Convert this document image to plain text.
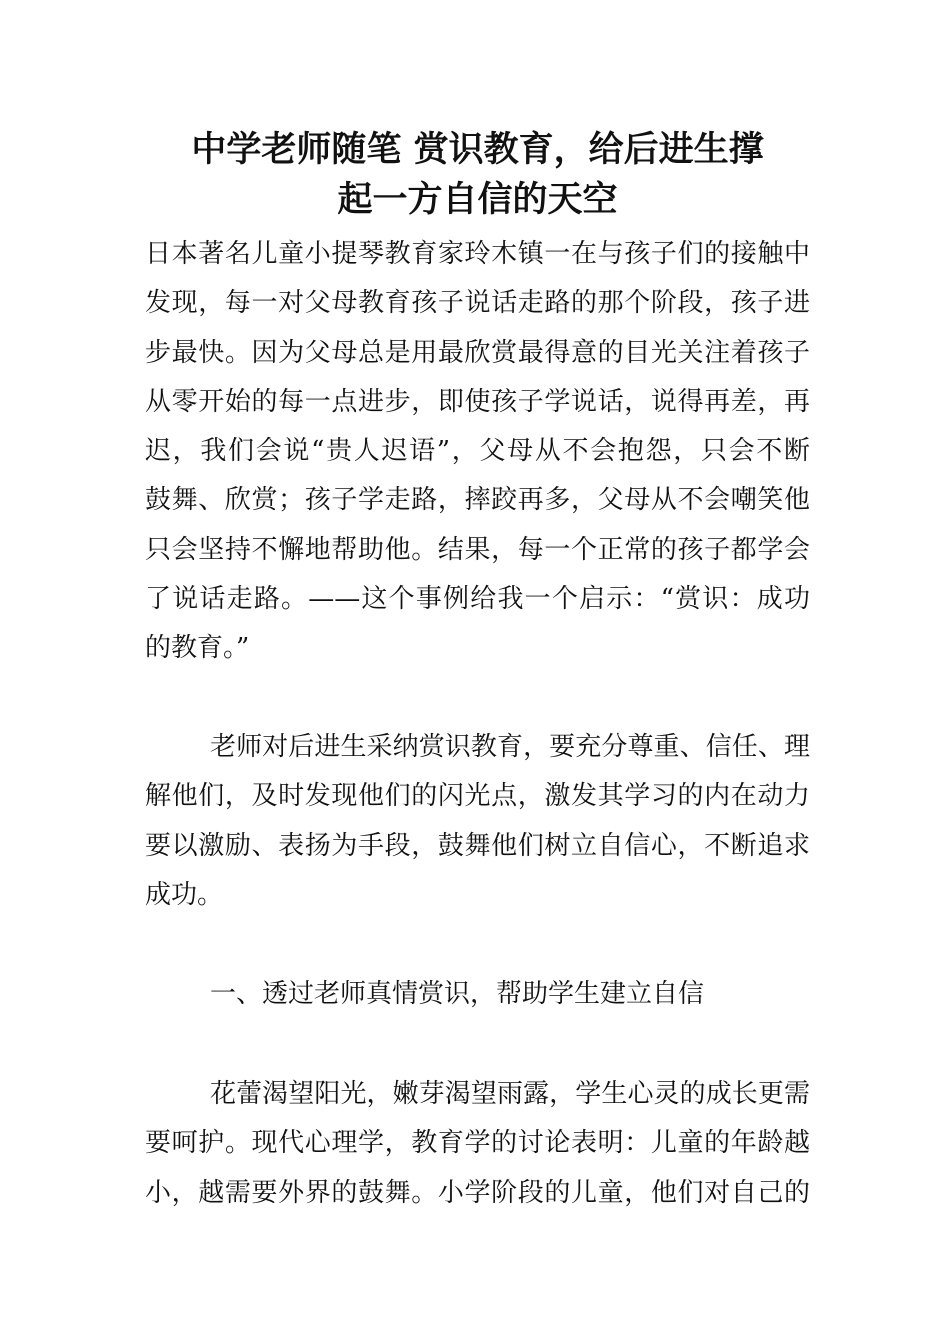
中学老师随笔 赏识教育，给后进生撑
起一方自信的天空
日本著名儿童小提琴教育家玲木镇一在与孩子们的接触中
发现，每一对父母教育孩子说话走路的那个阶段，孩子进
步最快。因为父母总是用最欣赏最得意的目光关注着孩子
从零开始的每一点进步，即使孩子学说话，说得再差，再
迟，我们会说“贵人迟语”，父母从不会抱怨，只会不断
鼓舞、欣赏；孩子学走路，摔跤再多，父母从不会嘲笑他
只会坚持不懈地帮助他。结果，每一个正常的孩子都学会
了说话走路。——这个事例给我一个启示：“赏识：成功
的教育。”
老师对后进生采纳赏识教育，要充分尊重、信任、理
解他们，及时发现他们的闪光点，激发其学习的内在动力
要以激励、表扬为手段，鼓舞他们树立自信心，不断追求
成功。
一、透过老师真情赏识，帮助学生建立自信
花蕾渴望阳光，嫩芽渴望雨露，学生心灵的成长更需
要呵护。现代心理学，教育学的讨论表明：儿童的年龄越
小，越需要外界的鼓舞。小学阶段的儿童，他们对自己的
